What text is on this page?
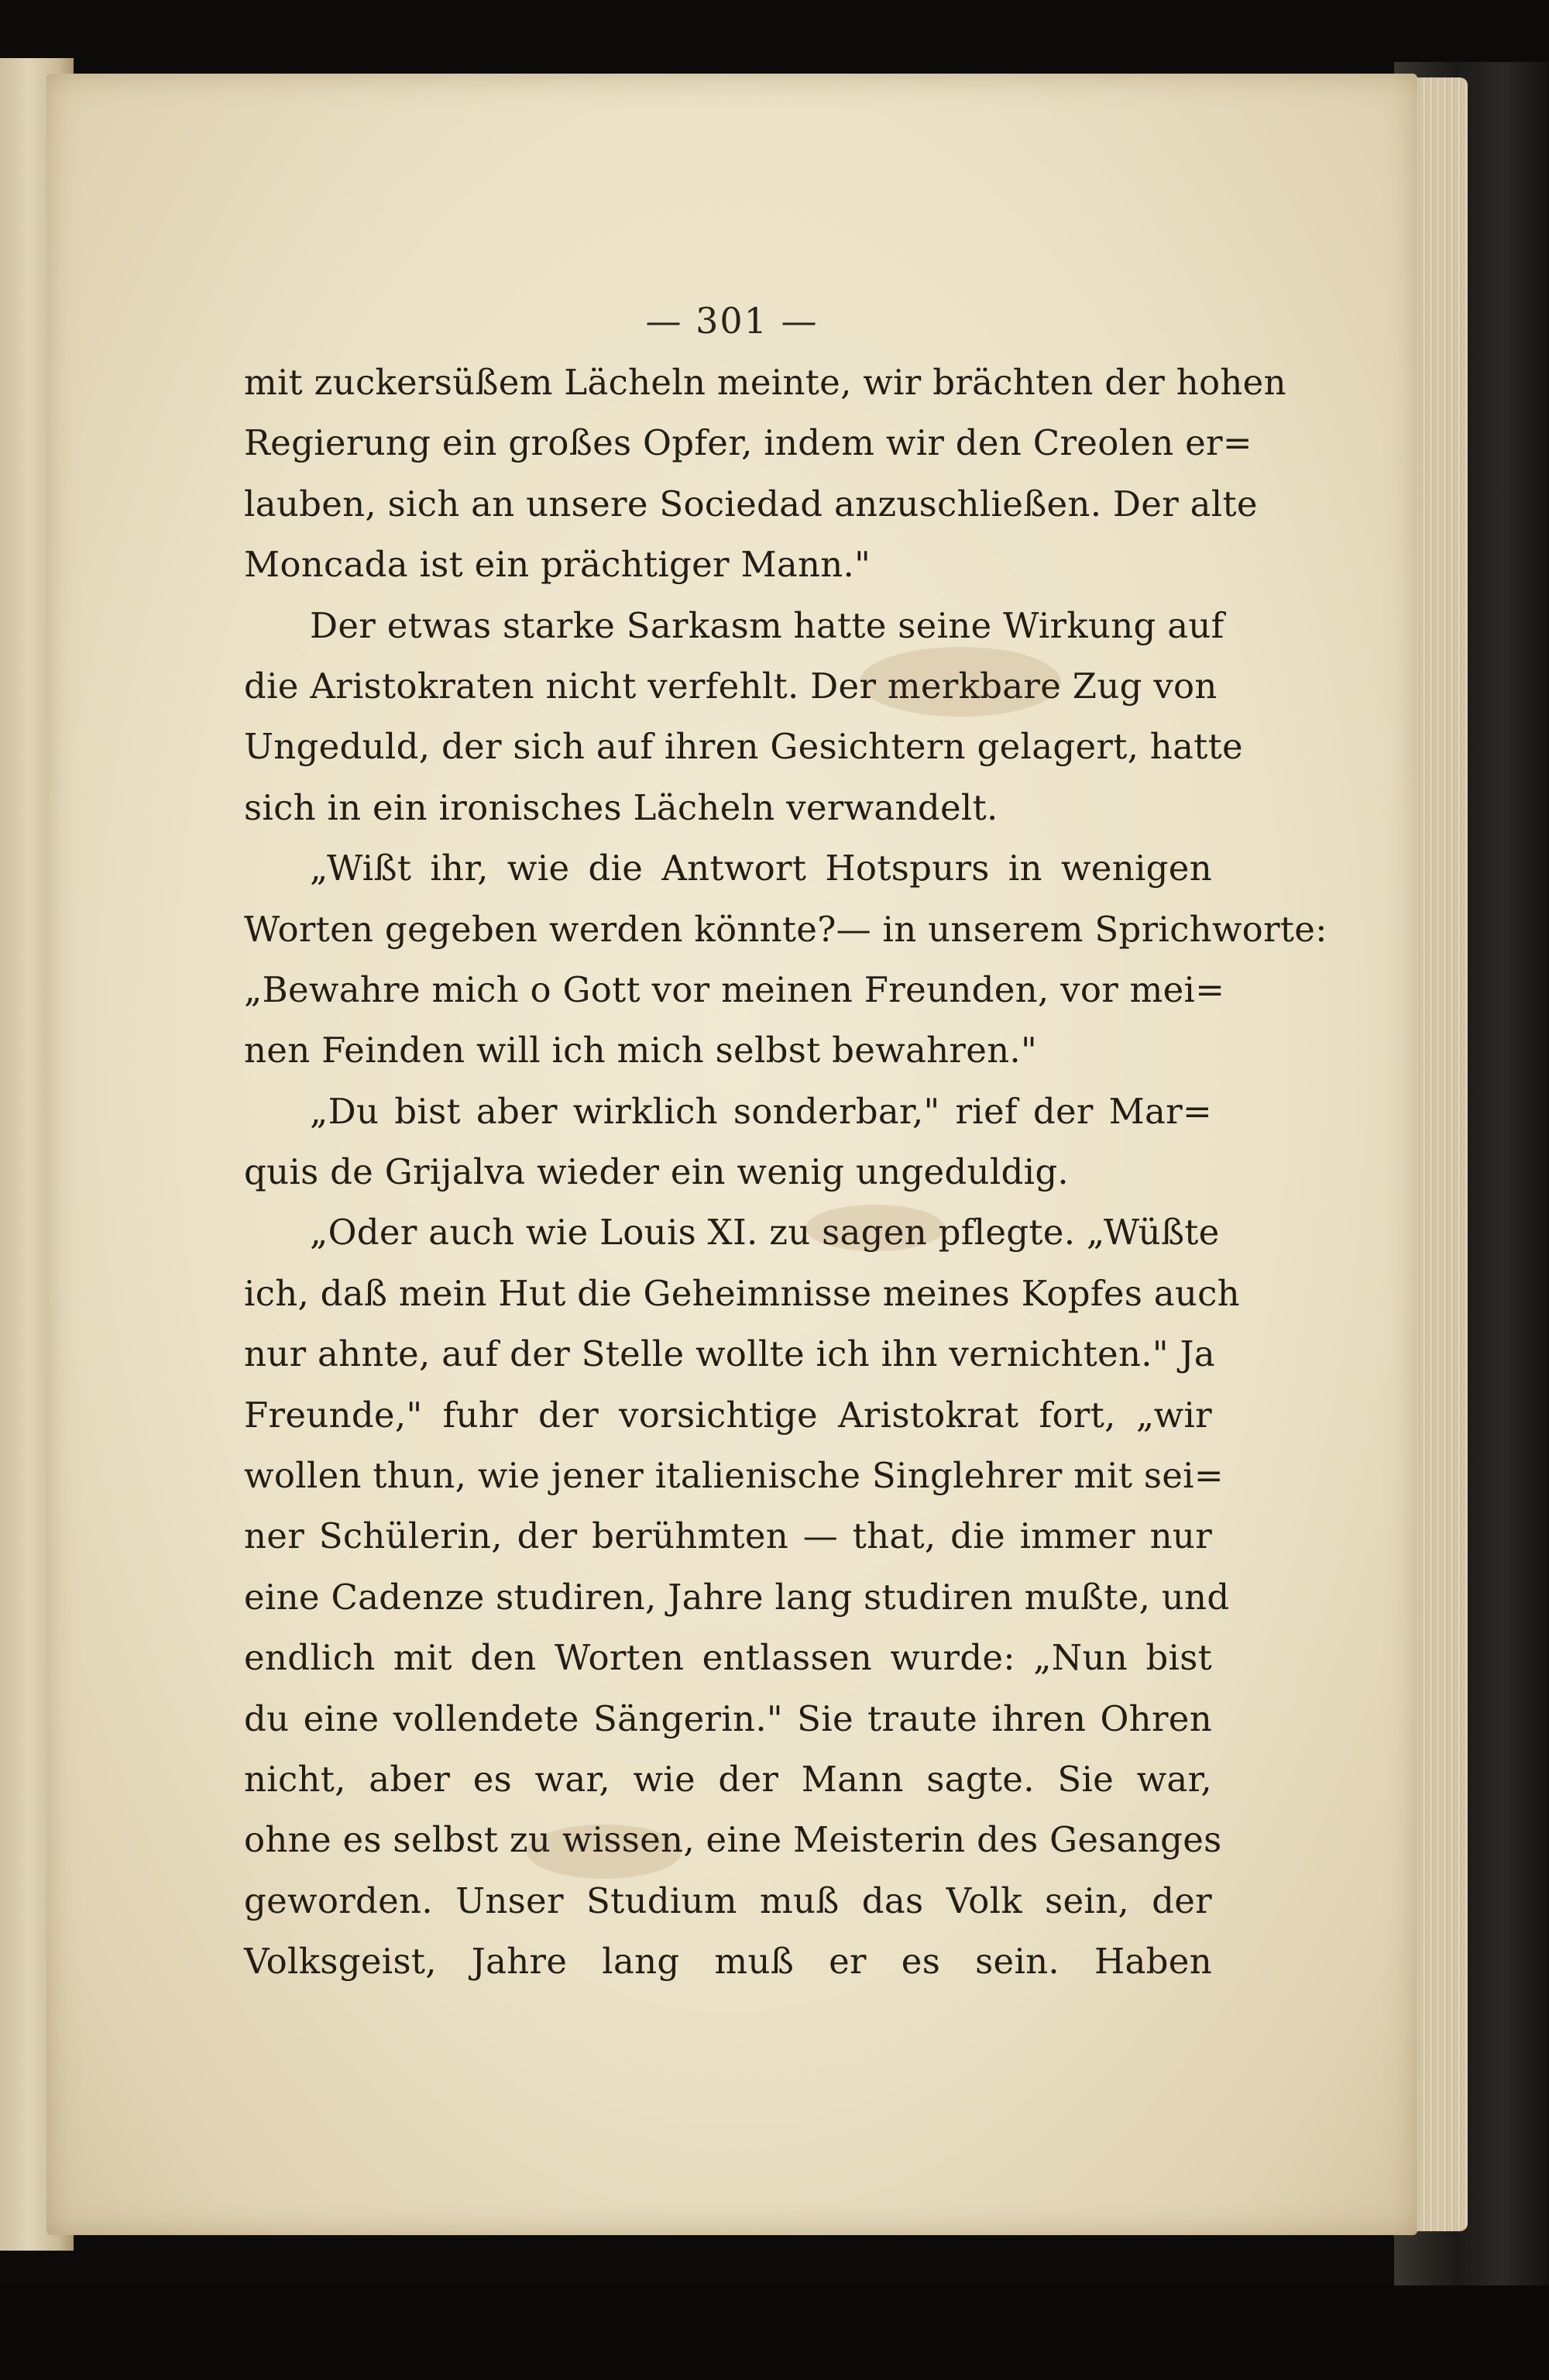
— 301 —
mit zuckersüßem Lächeln meinte, wir brächten der hohen
Regierung ein großes Opfer, indem wir den Creolen er=
lauben, sich an unsere Sociedad anzuschließen. Der alte
Moncada ist ein prächtiger Mann."
Der etwas starke Sarkasm hatte seine Wirkung auf
die Aristokraten nicht verfehlt. Der merkbare Zug von
Ungeduld, der sich auf ihren Gesichtern gelagert, hatte
sich in ein ironisches Lächeln verwandelt.
„Wißt ihr, wie die Antwort Hotspurs in wenigen
Worten gegeben werden könnte?— in unserem Sprichworte:
„Bewahre mich o Gott vor meinen Freunden, vor mei=
nen Feinden will ich mich selbst bewahren."
„Du bist aber wirklich sonderbar," rief der Mar=
quis de Grijalva wieder ein wenig ungeduldig.
„Oder auch wie Louis XI. zu sagen pflegte. „Wüßte
ich, daß mein Hut die Geheimnisse meines Kopfes auch
nur ahnte, auf der Stelle wollte ich ihn vernichten." Ja
Freunde," fuhr der vorsichtige Aristokrat fort, „wir
wollen thun, wie jener italienische Singlehrer mit sei=
ner Schülerin, der berühmten — that, die immer nur
eine Cadenze studiren, Jahre lang studiren mußte, und
endlich mit den Worten entlassen wurde: „Nun bist
du eine vollendete Sängerin." Sie traute ihren Ohren
nicht, aber es war, wie der Mann sagte. Sie war,
ohne es selbst zu wissen, eine Meisterin des Gesanges
geworden. Unser Studium muß das Volk sein, der
Volksgeist, Jahre lang muß er es sein. Haben
